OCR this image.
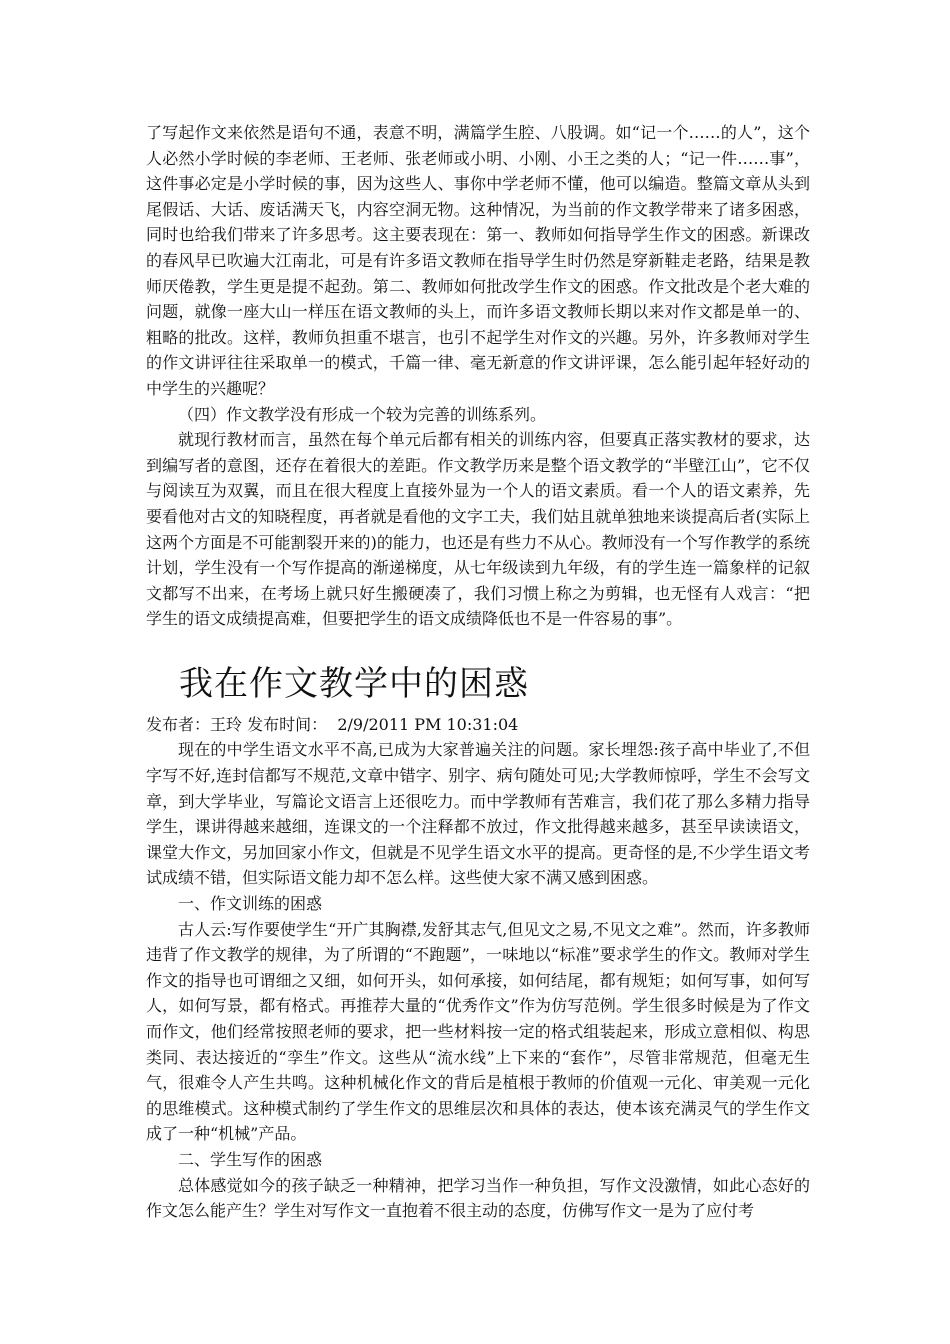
了写起作文来依然是语句不通，表意不明，满篇学生腔、八股调。如“记一个……的人”，这个人必然小学时候的李老师、王老师、张老师或小明、小刚、小王之类的人；“记一件……事”，这件事必定是小学时候的事，因为这些人、事你中学老师不懂，他可以编造。整篇文章从头到尾假话、大话、废话满天飞，内容空洞无物。这种情况，为当前的作文教学带来了诸多困惑，同时也给我们带来了许多思考。这主要表现在：第一、教师如何指导学生作文的困惑。新课改的春风早已吹遍大江南北，可是有许多语文教师在指导学生时仍然是穿新鞋走老路，结果是教师厌倦教，学生更是提不起劲。第二、教师如何批改学生作文的困惑。作文批改是个老大难的问题，就像一座大山一样压在语文教师的头上，而许多语文教师长期以来对作文都是单一的、粗略的批改。这样，教师负担重不堪言，也引不起学生对作文的兴趣。另外，许多教师对学生的作文讲评往往采取单一的模式，千篇一律、毫无新意的作文讲评课，怎么能引起年轻好动的中学生的兴趣呢？

（四）作文教学没有形成一个较为完善的训练系列。

就现行教材而言，虽然在每个单元后都有相关的训练内容，但要真正落实教材的要求，达到编写者的意图，还存在着很大的差距。作文教学历来是整个语文教学的“半壁江山”，它不仅与阅读互为双翼，而且在很大程度上直接外显为一个人的语文素质。看一个人的语文素养，先要看他对古文的知晓程度，再者就是看他的文字工夫，我们姑且就单独地来谈提高后者(实际上这两个方面是不可能割裂开来的)的能力，也还是有些力不从心。教师没有一个写作教学的系统计划，学生没有一个写作提高的渐递梯度，从七年级读到九年级，有的学生连一篇象样的记叙文都写不出来，在考场上就只好生搬硬凑了，我们习惯上称之为剪辑，也无怪有人戏言：“把学生的语文成绩提高难，但要把学生的语文成绩降低也不是一件容易的事”。

我在作文教学中的困惑

发布者：王玲 发布时间： 2/9/2011 PM 10:31:04

现在的中学生语文水平不高,已成为大家普遍关注的问题。家长埋怨:孩子高中毕业了,不但字写不好,连封信都写不规范,文章中错字、别字、病句随处可见;大学教师惊呼，学生不会写文章，到大学毕业，写篇论文语言上还很吃力。而中学教师有苦难言，我们花了那么多精力指导学生，课讲得越来越细，连课文的一个注释都不放过，作文批得越来越多，甚至早读读语文，课堂大作文，另加回家小作文，但就是不见学生语文水平的提高。更奇怪的是,不少学生语文考试成绩不错，但实际语文能力却不怎么样。这些使大家不满又感到困惑。

一、作文训练的困惑

古人云:写作要使学生“开广其胸襟,发舒其志气,但见文之易,不见文之难”。然而，许多教师违背了作文教学的规律，为了所谓的“不跑题”，一味地以“标准”要求学生的作文。教师对学生作文的指导也可谓细之又细，如何开头，如何承接，如何结尾，都有规矩；如何写事，如何写人，如何写景，都有格式。再推荐大量的“优秀作文”作为仿写范例。学生很多时候是为了作文而作文，他们经常按照老师的要求，把一些材料按一定的格式组装起来，形成立意相似、构思类同、表达接近的“孪生”作文。这些从“流水线”上下来的“套作”，尽管非常规范，但毫无生气，很难令人产生共鸣。这种机械化作文的背后是植根于教师的价值观一元化、审美观一元化的思维模式。这种模式制约了学生作文的思维层次和具体的表达，使本该充满灵气的学生作文成了一种“机械”产品。

二、学生写作的困惑

总体感觉如今的孩子缺乏一种精神，把学习当作一种负担，写作文没激情，如此心态好的作文怎么能产生？学生对写作文一直抱着不很主动的态度，仿佛写作文一是为了应付考
